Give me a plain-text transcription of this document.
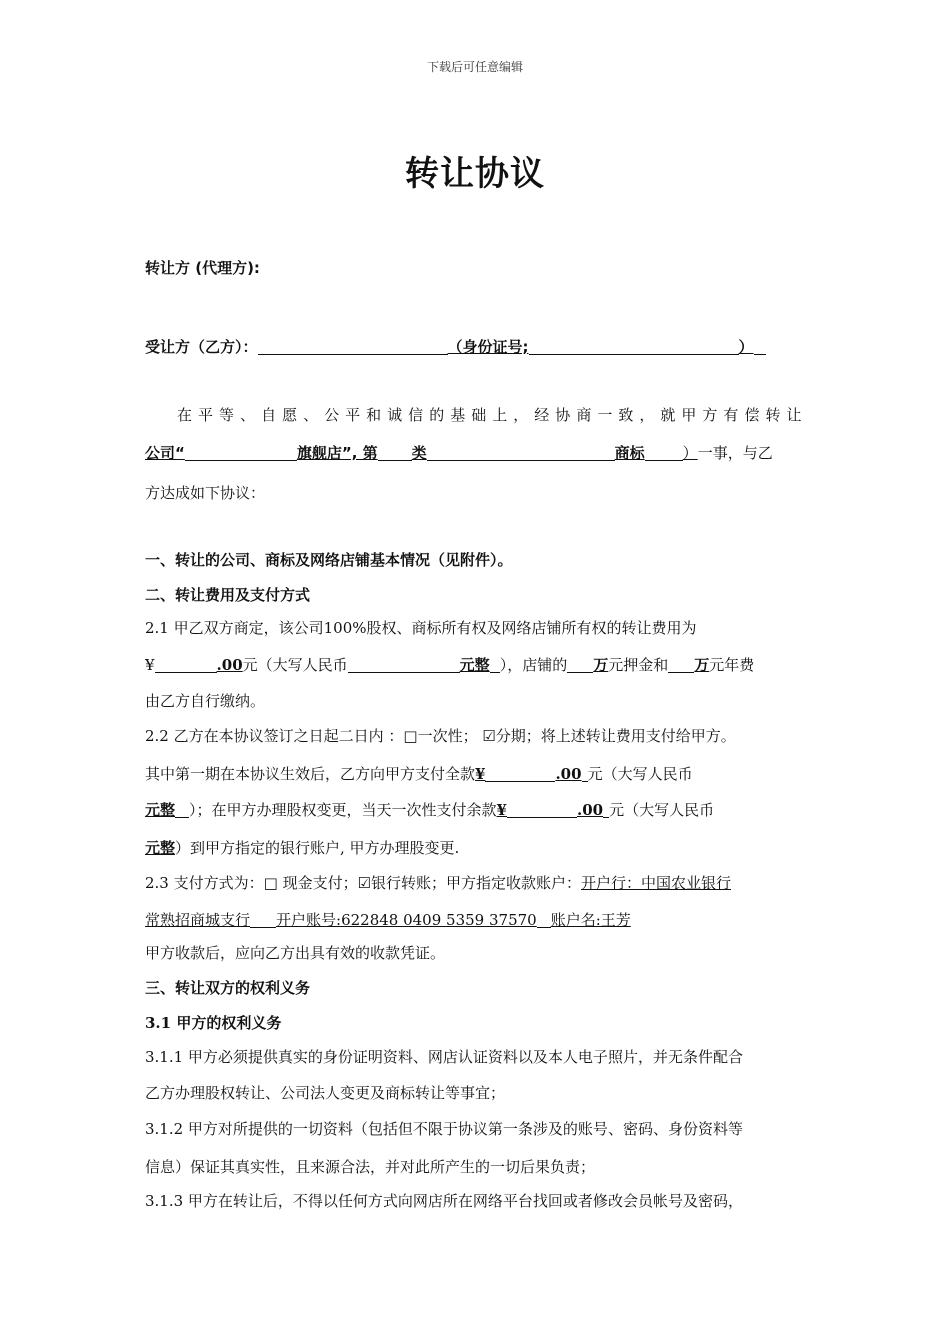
下载后可任意编辑
转让协议
转让方 (代理方):
受让方（乙方）：	（身份证号;	）
在平等、自愿、公平和诚信的基础上，经协商一致，就甲方有偿转让
公司“	旗舰店”, 第 类	商标	）一事，与乙
方达成如下协议：
一、转让的公司、商标及网络店铺基本情况（见附件）。
二、转让费用及支付方式
2.1 甲乙双方商定，该公司100%股权、商标所有权及网络店铺所有权的转让费用为
¥	.00元（大写人民币	元整 ），店铺的 万元押金和 万元年费
由乙方自行缴纳。
2.2 乙方在本协议签订之日起二日内 ：□一次性； ☑分期；将上述转让费用支付给甲方。
其中第一期在本协议生效后，乙方向甲方支付全款¥	.00 元（大写人民币
元整 ）；在甲方办理股权变更，当天一次性支付余款¥	.00 元（大写人民币
元整）到甲方指定的银行账户, 甲方办理股变更.
2.3 支付方式为：□ 现金支付；☑银行转账；甲方指定收款账户：开户行：中国农业银行
常熟招商城支行 开户账号:622848 0409 5359 37570 账户名:王芳
甲方收款后，应向乙方出具有效的收款凭证。
三、转让双方的权利义务
3.1 甲方的权利义务
3.1.1 甲方必须提供真实的身份证明资料、网店认证资料以及本人电子照片，并无条件配合
乙方办理股权转让、公司法人变更及商标转让等事宜；
3.1.2 甲方对所提供的一切资料（包括但不限于协议第一条涉及的账号、密码、身份资料等
信息）保证其真实性，且来源合法，并对此所产生的一切后果负责；
3.1.3 甲方在转让后，不得以任何方式向网店所在网络平台找回或者修改会员帐号及密码，
